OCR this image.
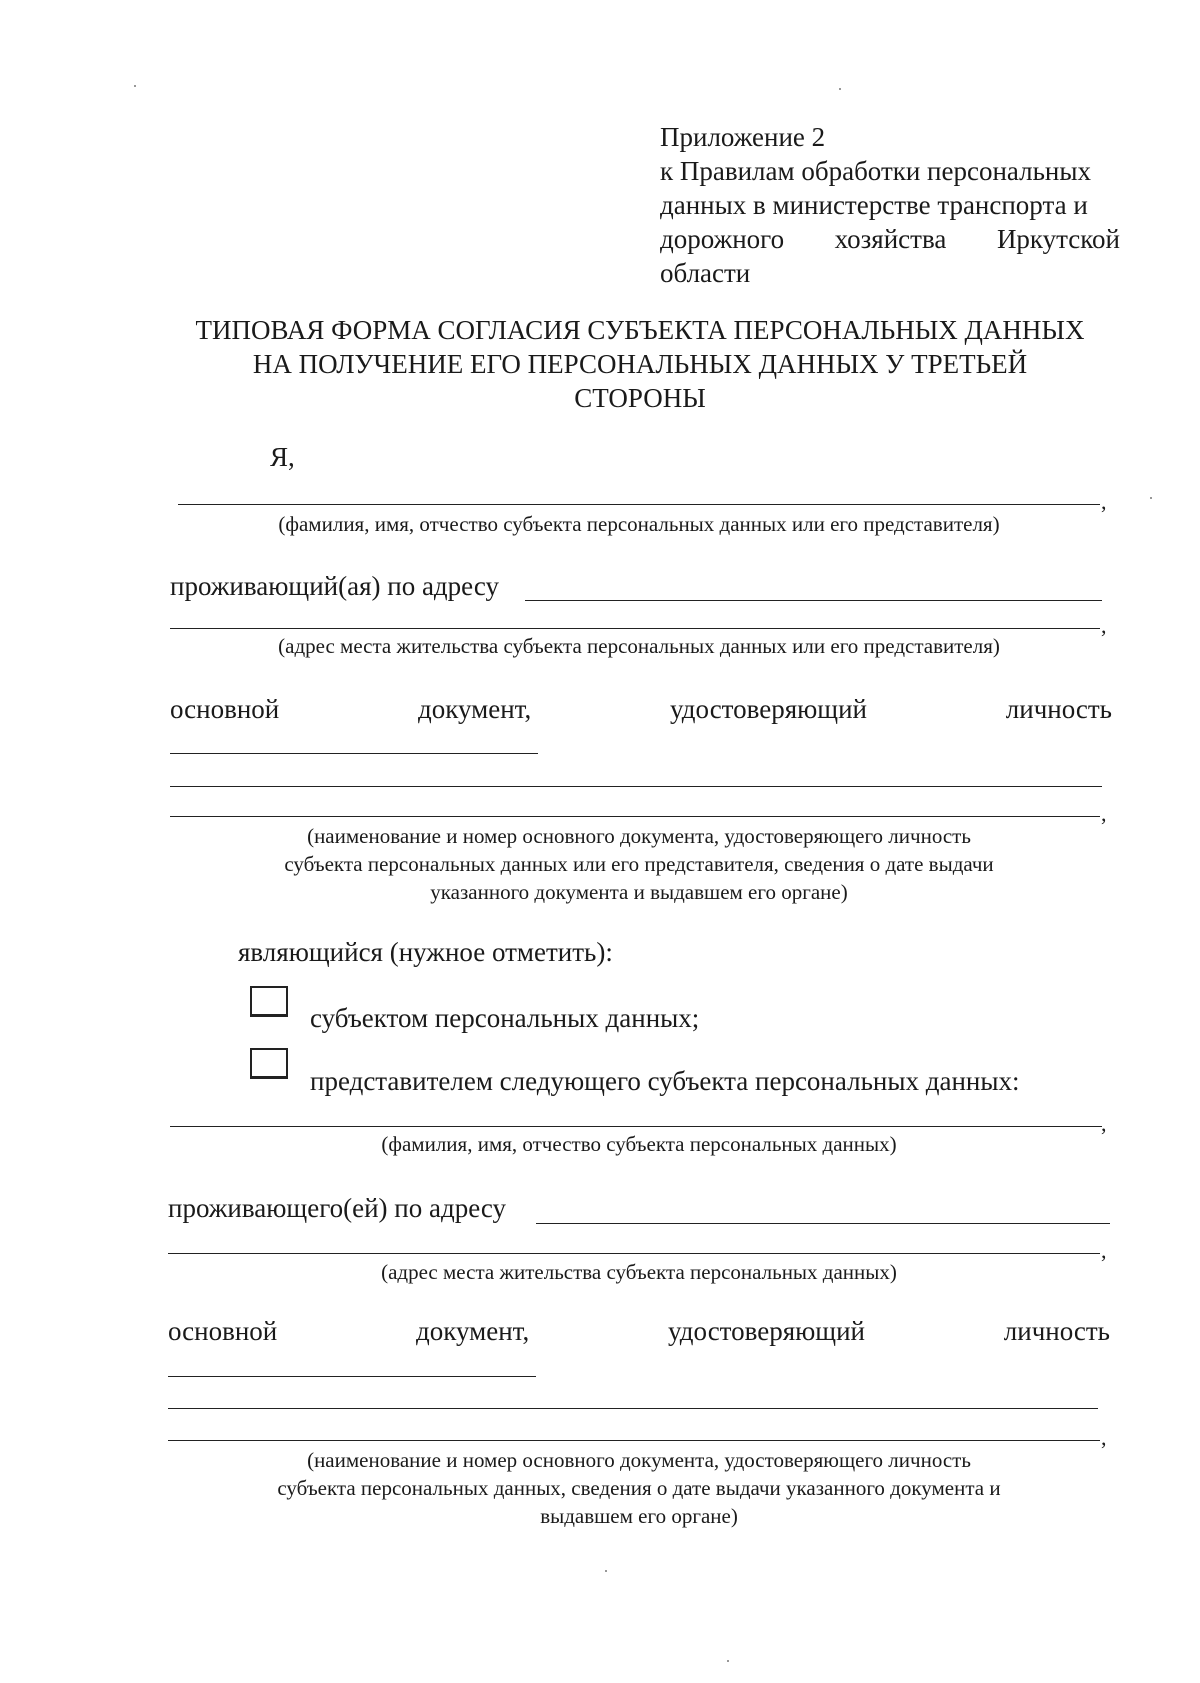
Приложение 2
к Правилам обработки персональных
данных в министерстве транспорта и
дорожного хозяйства Иркутской
области
ТИПОВАЯ ФОРМА СОГЛАСИЯ СУБЪЕКТА ПЕРСОНАЛЬНЫХ ДАННЫХ
НА ПОЛУЧЕНИЕ ЕГО ПЕРСОНАЛЬНЫХ ДАННЫХ У ТРЕТЬЕЙ
СТОРОНЫ
Я,
,
(фамилия, имя, отчество субъекта персональных данных или его представителя)
проживающий(ая) по адресу
,
(адрес места жительства субъекта персональных данных или его представителя)
основной	документ,	удостоверяющий	личность
,
(наименование и номер основного документа, удостоверяющего личность
субъекта персональных данных или его представителя, сведения о дате выдачи
указанного документа и выдавшем его органе)
являющийся (нужное отметить):
субъектом персональных данных;
представителем следующего субъекта персональных данных:
,
(фамилия, имя, отчество субъекта персональных данных)
проживающего(ей) по адресу
,
(адрес места жительства субъекта персональных данных)
основной	документ,	удостоверяющий	личность
,
(наименование и номер основного документа, удостоверяющего личность
субъекта персональных данных, сведения о дате выдачи указанного документа и
выдавшем его органе)
